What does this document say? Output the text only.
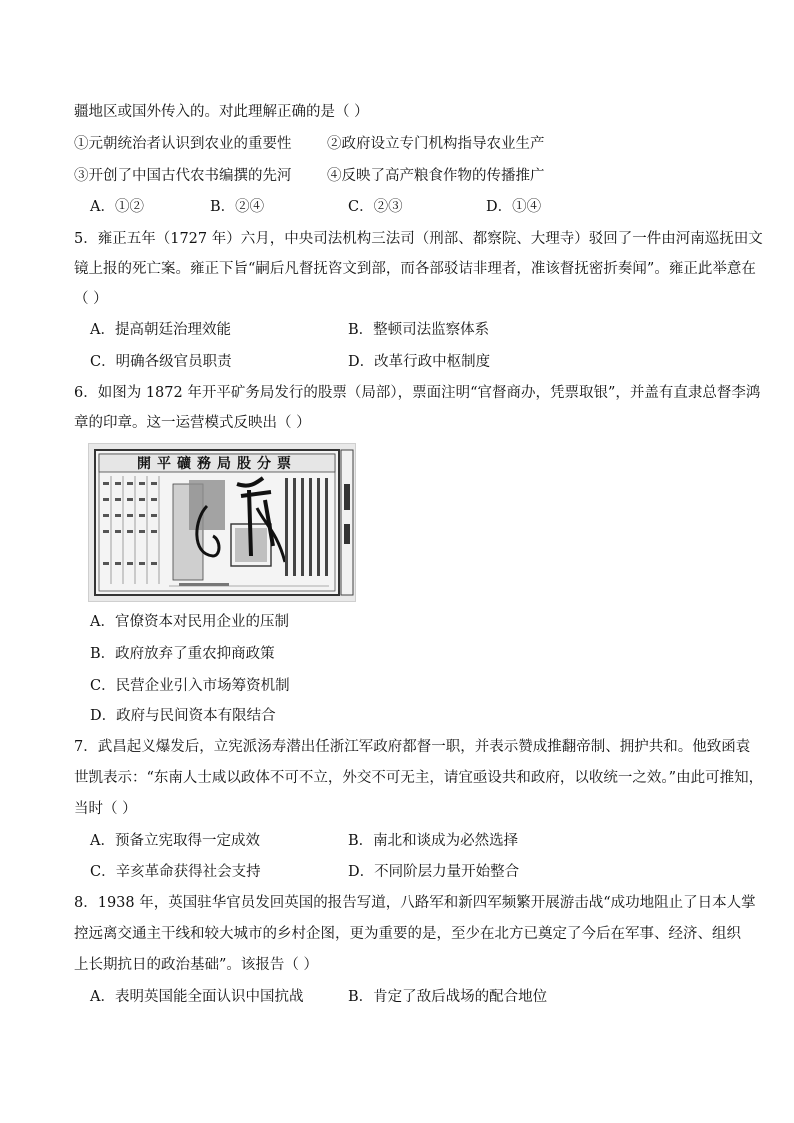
疆地区或国外传入的。对此理解正确的是（ ）
①元朝统治者认识到农业的重要性 ②政府设立专门机构指导农业生产
③开创了中国古代农书编撰的先河 ④反映了高产粮食作物的传播推广
A．①②	B．②④	C．②③	D．①④
5．雍正五年（1727 年）六月，中央司法机构三法司（刑部、都察院、大理寺）驳回了一件由河南巡抚田文
镜上报的死亡案。雍正下旨“嗣后凡督抚咨文到部，而各部驳诘非理者，准该督抚密折奏闻”。雍正此举意在
（ ）
A．提高朝廷治理效能	B．整顿司法监察体系
C．明确各级官员职责	D．改革行政中枢制度
6．如图为 1872 年开平矿务局发行的股票（局部），票面注明“官督商办，凭票取银”，并盖有直隶总督李鸿
章的印章。这一运营模式反映出（ ）
開平礦務局股分票
A．官僚资本对民用企业的压制
B．政府放弃了重农抑商政策
C．民营企业引入市场筹资机制
D．政府与民间资本有限结合
7．武昌起义爆发后，立宪派汤寿潜出任浙江军政府都督一职，并表示赞成推翻帝制、拥护共和。他致函袁
世凯表示：“东南人士咸以政体不可不立，外交不可无主，请宜亟设共和政府，以收统一之效。”由此可推知，
当时（ ）
A．预备立宪取得一定成效	B．南北和谈成为必然选择
C．辛亥革命获得社会支持	D．不同阶层力量开始整合
8．1938 年，英国驻华官员发回英国的报告写道，八路军和新四军频繁开展游击战“成功地阻止了日本人掌
控远离交通主干线和较大城市的乡村企图，更为重要的是，至少在北方已奠定了今后在军事、经济、组织
上长期抗日的政治基础”。该报告（ ）
A．表明英国能全面认识中国抗战	B．肯定了敌后战场的配合地位
